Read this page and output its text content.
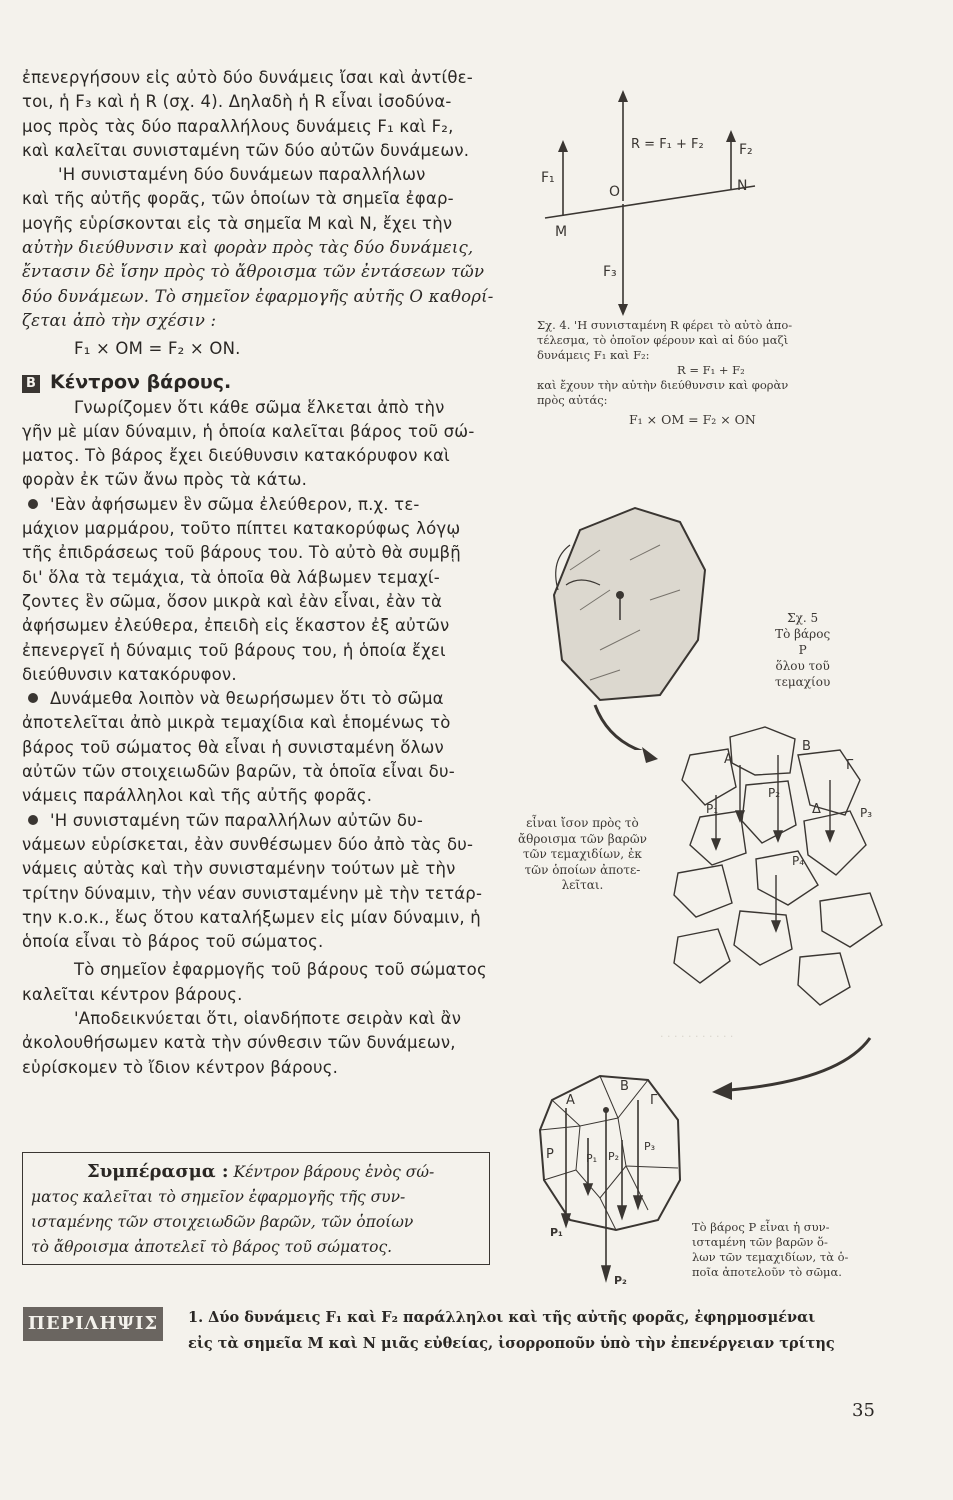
ἐπενεργήσουν εἰς αὐτὸ δύο δυνάμεις ἴσαι καὶ ἀντίθε-
τοι, ἡ F₃ καὶ ἡ R (σχ. 4). Δηλαδὴ ἡ R εἶναι ἰσοδύνα-
μος πρὸς τὰς δύο παραλλήλους δυνάμεις F₁ καὶ F₂,
καὶ καλεῖται συνισταμένη τῶν δύο αὐτῶν δυνάμεων.
'Η συνισταμένη δύο δυνάμεων παραλλήλων
καὶ τῆς αὐτῆς φορᾶς, τῶν ὁποίων τὰ σημεῖα ἐφαρ-
μογῆς εὑρίσκονται εἰς τὰ σημεῖα M καὶ N, ἔχει τὴν
αὐτὴν διεύθυνσιν καὶ φορὰν πρὸς τὰς δύο δυνάμεις,
ἔντασιν δὲ ἴσην πρὸς τὸ ἄθροισμα τῶν ἐντάσεων τῶν
δύο δυνάμεων. Τὸ σημεῖον ἐφαρμογῆς αὐτῆς O καθορί-
ζεται ἀπὸ τὴν σχέσιν :
F₁ × OM = F₂ × ON.
B Κέντρον βάρους.
Γνωρίζομεν ὅτι κάθε σῶμα ἕλκεται ἀπὸ τὴν
γῆν μὲ μίαν δύναμιν, ἡ ὁποία καλεῖται βάρος τοῦ σώ-
ματος. Τὸ βάρος ἔχει διεύθυνσιν κατακόρυφον καὶ
φορὰν ἐκ τῶν ἄνω πρὸς τὰ κάτω.
'Εὰν ἀφήσωμεν ἓν σῶμα ἐλεύθερον, π.χ. τε-
μάχιον μαρμάρου, τοῦτο πίπτει κατακορύφως λόγῳ
τῆς ἐπιδράσεως τοῦ βάρους του. Τὸ αὐτὸ θὰ συμβῇ
δι' ὅλα τὰ τεμάχια, τὰ ὁποῖα θὰ λάβωμεν τεμαχί-
ζοντες ἓν σῶμα, ὅσον μικρὰ καὶ ἐὰν εἶναι, ἐὰν τὰ
ἀφήσωμεν ἐλεύθερα, ἐπειδὴ εἰς ἕκαστον ἐξ αὐτῶν
ἐπενεργεῖ ἡ δύναμις τοῦ βάρους του, ἡ ὁποία ἔχει
διεύθυνσιν κατακόρυφον.
Δυνάμεθα λοιπὸν νὰ θεωρήσωμεν ὅτι τὸ σῶμα
ἀποτελεῖται ἀπὸ μικρὰ τεμαχίδια καὶ ἑπομένως τὸ
βάρος τοῦ σώματος θὰ εἶναι ἡ συνισταμένη ὅλων
αὐτῶν τῶν στοιχειωδῶν βαρῶν, τὰ ὁποῖα εἶναι δυ-
νάμεις παράλληλοι καὶ τῆς αὐτῆς φορᾶς.
'Η συνισταμένη τῶν παραλλήλων αὐτῶν δυ-
νάμεων εὑρίσκεται, ἐὰν συνθέσωμεν δύο ἀπὸ τὰς δυ-
νάμεις αὐτὰς καὶ τὴν συνισταμένην τούτων μὲ τὴν
τρίτην δύναμιν, τὴν νέαν συνισταμένην μὲ τὴν τετάρ-
την κ.ο.κ., ἕως ὅτου καταλήξωμεν εἰς μίαν δύναμιν, ἡ
ὁποία εἶναι τὸ βάρος τοῦ σώματος.
Τὸ σημεῖον ἐφαρμογῆς τοῦ βάρους τοῦ σώματος
καλεῖται κέντρον βάρους.
'Αποδεικνύεται ὅτι, οἱανδήποτε σειρὰν καὶ ἂν
ἀκολουθήσωμεν κατὰ τὴν σύνθεσιν τῶν δυνάμεων,
εὑρίσκομεν τὸ ἴδιον κέντρον βάρους.
Συμπέρασμα : Κέντρον βάρους ἑνὸς σώ-
ματος καλεῖται τὸ σημεῖον ἐφαρμογῆς τῆς συν-
ισταμένης τῶν στοιχειωδῶν βαρῶν, τῶν ὁποίων
τὸ ἄθροισμα ἀποτελεῖ τὸ βάρος τοῦ σώματος.
ΠΕΡΙΛΗΨΙΣ	1. Δύο δυνάμεις F₁ καὶ F₂ παράλληλοι καὶ τῆς αὐτῆς φορᾶς, ἐφηρμοσμέναι
εἰς τὰ σημεῖα M καὶ N μιᾶς εὐθείας, ἰσορροποῦν ὑπὸ τὴν ἐπενέργειαν τρίτης
35
· · · · · · · · · · ·
R = F₁ + F₂
F₁
F₂
F₃
O
M
N
Σχ. 4. 'Η συνισταμένη R φέρει τὸ αὐτὸ ἀπο-
τέλεσμα, τὸ ὁποῖον φέρουν καὶ αἱ δύο μαζὶ
δυνάμεις F₁ καὶ F₂:
R = F₁ + F₂
καὶ ἔχουν τὴν αὐτὴν διεύθυνσιν καὶ φορὰν
πρὸς αὐτάς:
F₁ × OM = F₂ × ON
Σχ. 5
Τὸ βάρος
P
ὅλου τοῦ
τεμαχίου
A
B
Γ
Δ
P₁
P₂
P₃
P₄
εἶναι ἴσον πρὸς τὸ
ἄθροισμα τῶν βαρῶν
τῶν τεμαχιδίων, ἐκ
τῶν ὁποίων ἀποτε-
λεῖται.
A
B
Γ
P	P₁ P₂
P₃
P₁
P₂
Τὸ βάρος P εἶναι ἡ συν-
ισταμένη τῶν βαρῶν ὅ-
λων τῶν τεμαχιδίων, τὰ ὁ-
ποῖα ἀποτελοῦν τὸ σῶμα.
